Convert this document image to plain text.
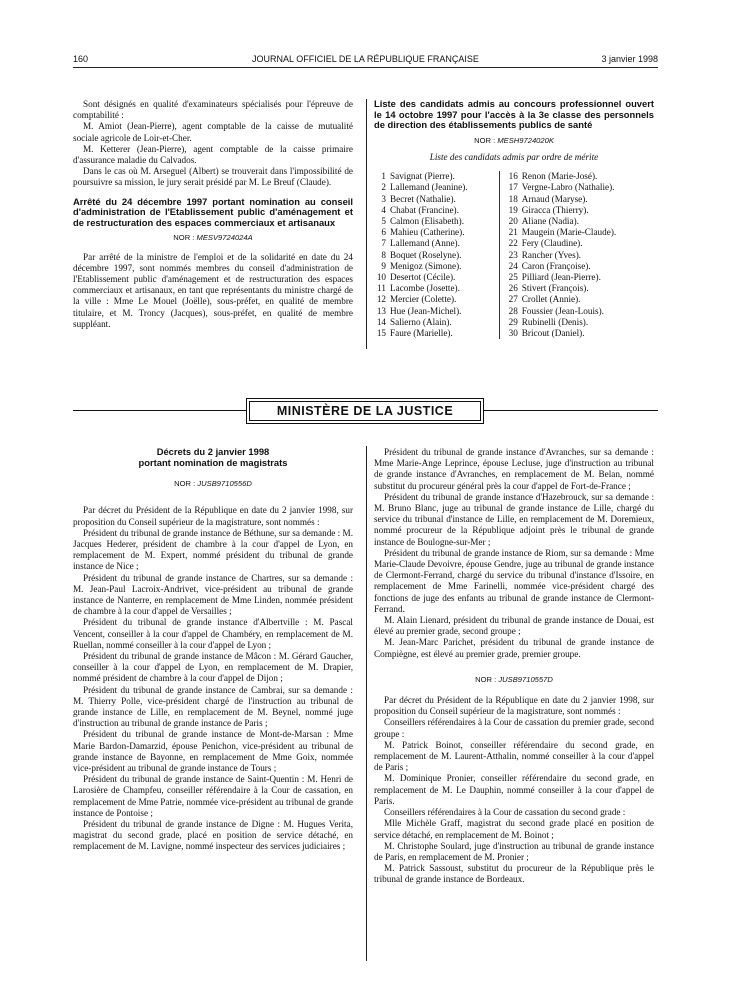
160	JOURNAL OFFICIEL DE LA RÉPUBLIQUE FRANÇAISE	3 janvier 1998

Sont désignés en qualité d'examinateurs spécialisés pour l'épreuve de comptabilité :

M. Amiot (Jean-Pierre), agent comptable de la caisse de mutualité sociale agricole de Loir-et-Cher.

M. Ketterer (Jean-Pierre), agent comptable de la caisse primaire d'assurance maladie du Calvados.

Dans le cas où M. Arseguel (Albert) se trouverait dans l'impossibilité de poursuivre sa mission, le jury serait présidé par M. Le Breuf (Claude).

Arrêté du 24 décembre 1997 portant nomination au conseil d'administration de l'Etablissement public d'aménagement et de restructuration des espaces commerciaux et artisanaux
NOR : MESV9724024A

Par arrêté de la ministre de l'emploi et de la solidarité en date du 24 décembre 1997, sont nommés membres du conseil d'administration de l'Etablissement public d'aménagement et de restructuration des espaces commerciaux et artisanaux, en tant que représentants du ministre chargé de la ville : Mme Le Mouel (Joëlle), sous-préfet, en qualité de membre titulaire, et M. Troncy (Jacques), sous-préfet, en qualité de membre suppléant.

Liste des candidats admis au concours professionnel ouvert le 14 octobre 1997 pour l'accès à la 3e classe des personnels de direction des établissements publics de santé
NOR : MESH9724020K
Liste des candidats admis par ordre de mérite
1	Savignat (Pierre).		16	Renon (Marie-José).
2	Lallemand (Jeanine).		17	Vergne-Labro (Nathalie).
3	Becret (Nathalie).		18	Arnaud (Maryse).
4	Chabat (Francine).		19	Giracca (Thierry).
5	Calmon (Elisabeth).		20	Aliane (Nadia).
6	Mahieu (Catherine).		21	Maugein (Marie-Claude).
7	Lallemand (Anne).		22	Fery (Claudine).
8	Boquet (Roselyne).		23	Rancher (Yves).
9	Menigoz (Simone).		24	Caron (Françoise).
10	Desertot (Cécile).		25	Pilliard (Jean-Pierre).
11	Lacombe (Josette).		26	Stivert (François).
12	Mercier (Colette).		27	Crollet (Annie).
13	Hue (Jean-Michel).		28	Foussier (Jean-Louis).
14	Salierno (Alain).		29	Rubinelli (Denis).
15	Faure (Marielle).		30	Bricout (Daniel).
MINISTÈRE DE LA JUSTICE
Décrets du 2 janvier 1998
portant nomination de magistrats
NOR : JUSB9710556D

Par décret du Président de la République en date du 2 janvier 1998, sur proposition du Conseil supérieur de la magistrature, sont nommés :

Président du tribunal de grande instance de Béthune, sur sa demande : M. Jacques Hederer, président de chambre à la cour d'appel de Lyon, en remplacement de M. Expert, nommé président du tribunal de grande instance de Nice ;

Président du tribunal de grande instance de Chartres, sur sa demande : M. Jean-Paul Lacroix-Andrivet, vice-président au tribunal de grande instance de Nanterre, en remplacement de Mme Linden, nommée président de chambre à la cour d'appel de Versailles ;

Président du tribunal de grande instance d'Albertville : M. Pascal Vencent, conseiller à la cour d'appel de Chambéry, en remplacement de M. Ruellan, nommé conseiller à la cour d'appel de Lyon ;

Président du tribunal de grande instance de Mâcon : M. Gérard Gaucher, conseiller à la cour d'appel de Lyon, en remplacement de M. Drapier, nommé président de chambre à la cour d'appel de Dijon ;

Président du tribunal de grande instance de Cambrai, sur sa demande : M. Thierry Polle, vice-président chargé de l'instruction au tribunal de grande instance de Lille, en remplacement de M. Beynel, nommé juge d'instruction au tribunal de grande instance de Paris ;

Président du tribunal de grande instance de Mont-de-Marsan : Mme Marie Bardon-Damarzid, épouse Penichon, vice-président au tribunal de grande instance de Bayonne, en remplacement de Mme Goix, nommée vice-président au tribunal de grande instance de Tours ;

Président du tribunal de grande instance de Saint-Quentin : M. Henri de Larosière de Champfeu, conseiller référendaire à la Cour de cassation, en remplacement de Mme Patrie, nommée vice-président au tribunal de grande instance de Pontoise ;

Président du tribunal de grande instance de Digne : M. Hugues Verita, magistrat du second grade, placé en position de service détaché, en remplacement de M. Lavigne, nommé inspecteur des services judiciaires ;

Président du tribunal de grande instance d'Avranches, sur sa demande : Mme Marie-Ange Leprince, épouse Lecluse, juge d'instruction au tribunal de grande instance d'Avranches, en remplacement de M. Belan, nommé substitut du procureur général près la cour d'appel de Fort-de-France ;

Président du tribunal de grande instance d'Hazebrouck, sur sa demande : M. Bruno Blanc, juge au tribunal de grande instance de Lille, chargé du service du tribunal d'instance de Lille, en remplacement de M. Doremieux, nommé procureur de la République adjoint près le tribunal de grande instance de Boulogne-sur-Mer ;

Président du tribunal de grande instance de Riom, sur sa demande : Mme Marie-Claude Devoivre, épouse Gendre, juge au tribunal de grande instance de Clermont-Ferrand, chargé du service du tribunal d'instance d'Issoire, en remplacement de Mme Farinelli, nommée vice-président chargé des fonctions de juge des enfants au tribunal de grande instance de Clermont-Ferrand.

M. Alain Lienard, président du tribunal de grande instance de Douai, est élevé au premier grade, second groupe ;

M. Jean-Marc Parichet, président du tribunal de grande instance de Compiègne, est élevé au premier grade, premier groupe.

NOR : JUSB9710557D

Par décret du Président de la République en date du 2 janvier 1998, sur proposition du Conseil supérieur de la magistrature, sont nommés :

Conseillers référendaires à la Cour de cassation du premier grade, second groupe :

M. Patrick Boinot, conseiller référendaire du second grade, en remplacement de M. Laurent-Atthalin, nommé conseiller à la cour d'appel de Paris ;

M. Dominique Pronier, conseiller référendaire du second grade, en remplacement de M. Le Dauphin, nommé conseiller à la cour d'appel de Paris.

Conseillers référendaires à la Cour de cassation du second grade :

Mlle Michèle Graff, magistrat du second grade placé en position de service détaché, en remplacement de M. Boinot ;

M. Christophe Soulard, juge d'instruction au tribunal de grande instance de Paris, en remplacement de M. Pronier ;

M. Patrick Sassoust, substitut du procureur de la République près le tribunal de grande instance de Bordeaux.
